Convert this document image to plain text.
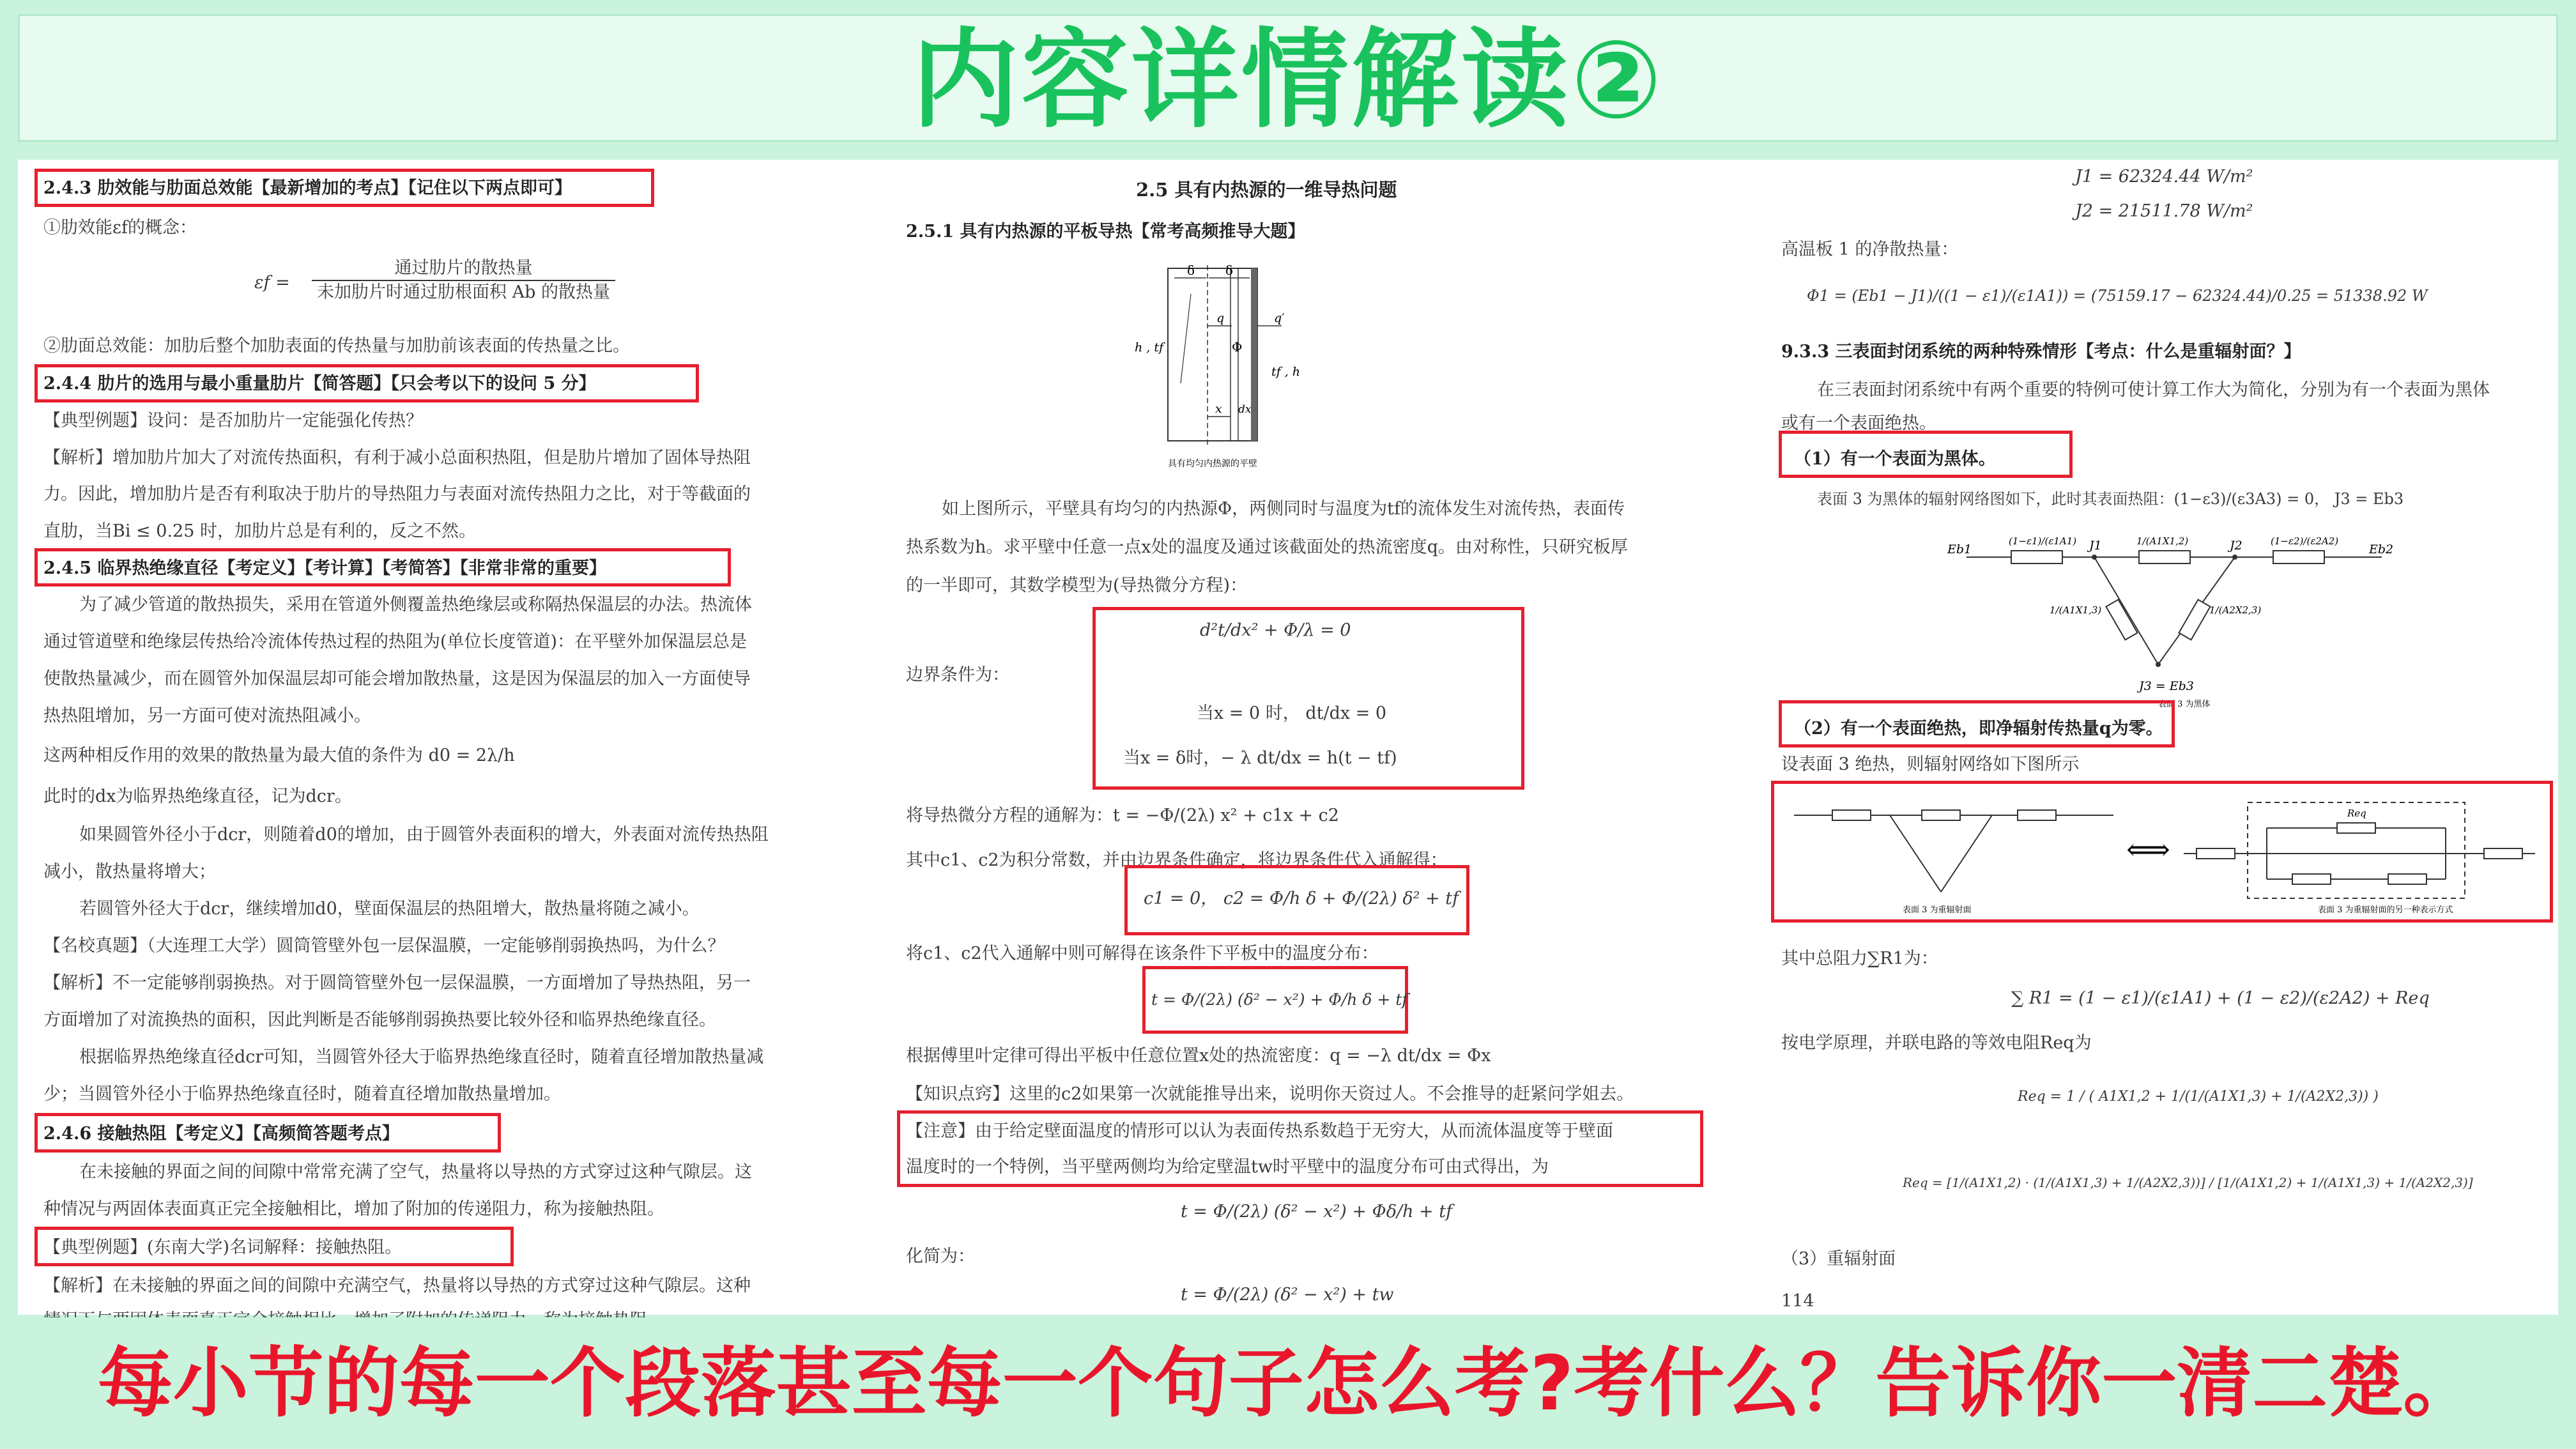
内容详情解读②
2.4.3 肋效能与肋面总效能【最新增加的考点】【记住以下两点即可】
①肋效能εf的概念：
εf =
通过肋片的散热量
未加肋片时通过肋根面积 Ab 的散热量
②肋面总效能：加肋后整个加肋表面的传热量与加肋前该表面的传热量之比。
2.4.4 肋片的选用与最小重量肋片【简答题】【只会考以下的设问 5 分】
【典型例题】设问：是否加肋片一定能强化传热？
【解析】增加肋片加大了对流传热面积，有利于减小总面积热阻，但是肋片增加了固体导热阻
力。因此，增加肋片是否有利取决于肋片的导热阻力与表面对流传热阻力之比，对于等截面的
直肋，当Bi ≤ 0.25 时，加肋片总是有利的，反之不然。
2.4.5 临界热绝缘直径【考定义】【考计算】【考简答】【非常非常的重要】
为了减少管道的散热损失，采用在管道外侧覆盖热绝缘层或称隔热保温层的办法。热流体
通过管道壁和绝缘层传热给冷流体传热过程的热阻为(单位长度管道)：在平壁外加保温层总是
使散热量减少，而在圆管外加保温层却可能会增加散热量，这是因为保温层的加入一方面使导
热热阻增加，另一方面可使对流热阻减小。
这两种相反作用的效果的散热量为最大值的条件为 d0 = 2λ/h
此时的dx为临界热绝缘直径，记为dcr。
如果圆管外径小于dcr，则随着d0的增加，由于圆管外表面积的增大，外表面对流传热热阻
减小，散热量将增大；
若圆管外径大于dcr，继续增加d0，壁面保温层的热阻增大，散热量将随之减小。
【名校真题】（大连理工大学）圆筒管壁外包一层保温膜，一定能够削弱换热吗，为什么？
【解析】不一定能够削弱换热。对于圆筒管壁外包一层保温膜，一方面增加了导热热阻，另一
方面增加了对流换热的面积，因此判断是否能够削弱换热要比较外径和临界热绝缘直径。
根据临界热绝缘直径dcr可知，当圆管外径大于临界热绝缘直径时，随着直径增加散热量减
少；当圆管外径小于临界热绝缘直径时，随着直径增加散热量增加。
2.4.6 接触热阻【考定义】【高频简答题考点】
在未接触的界面之间的间隙中常常充满了空气，热量将以导热的方式穿过这种气隙层。这
种情况与两固体表面真正完全接触相比，增加了附加的传递阻力，称为接触热阻。
【典型例题】(东南大学)名词解释：接触热阻。
【解析】在未接触的界面之间的间隙中充满空气，热量将以导热的方式穿过这种气隙层。这种
2.5 具有内热源的一维导热问题
2.5.1 具有内热源的平板导热【常考高频推导大题】
δ δ
h , tf
tf , h
q	q′
Φ
x dx
具有均匀内热源的平壁
如上图所示，平壁具有均匀的内热源Φ，两侧同时与温度为tf的流体发生对流传热，表面传
热系数为h。求平壁中任意一点x处的温度及通过该截面处的热流密度q。由对称性，只研究板厚
的一半即可，其数学模型为(导热微分方程)：
d²t/dx² + Φ/λ = 0
边界条件为：
当x = 0 时， dt/dx = 0
当x = δ时，− λ dt/dx = h(t − tf)
将导热微分方程的通解为：t = −Φ/(2λ) x² + c1x + c2
其中c1、c2为积分常数，并由边界条件确定，将边界条件代入通解得：
c1 = 0， c2 = Φ/h δ + Φ/(2λ) δ² + tf
将c1、c2代入通解中则可解得在该条件下平板中的温度分布：
t = Φ/(2λ) (δ² − x²) + Φ/h δ + tf
根据傅里叶定律可得出平板中任意位置x处的热流密度：q = −λ dt/dx = Φx
【知识点窍】这里的c2如果第一次就能推导出来，说明你天资过人。不会推导的赶紧问学姐去。
【注意】由于给定壁面温度的情形可以认为表面传热系数趋于无穷大，从而流体温度等于壁面
温度时的一个特例，当平壁两侧均为给定壁温tw时平壁中的温度分布可由式得出，为
t = Φ/(2λ) (δ² − x²) + Φδ/h + tf
化简为：
t = Φ/(2λ) (δ² − x²) + tw
J1 = 62324.44 W/m²
J2 = 21511.78 W/m²
高温板 1 的净散热量：
Φ1 = (Eb1 − J1)/((1 − ε1)/(ε1A1)) = (75159.17 − 62324.44)/0.25 = 51338.92 W
9.3.3 三表面封闭系统的两种特殊情形【考点：什么是重辐射面？】
在三表面封闭系统中有两个重要的特例可使计算工作大为简化，分别为有一个表面为黑体
或有一个表面绝热。
（1）有一个表面为黑体。
表面 3 为黑体的辐射网络图如下，此时其表面热阻：(1−ε3)/(ε3A3) = 0， J3 = Eb3
Eb1	Eb2
J1	J2
J3 = Eb3
(1−ε1)/(ε1A1)	1/(A1X1,2)	(1−ε2)/(ε2A2)
1/(A1X1,3)	1/(A2X2,3)
表面 3 为黑体
（2）有一个表面绝热，即净辐射传热量q为零。
设表面 3 绝热，则辐射网络如下图所示
表面 3 为重辐射面
⟺
Req
表面 3 为重辐射面的另一种表示方式
其中总阻力∑R1为：
∑ R1 = (1 − ε1)/(ε1A1) + (1 − ε2)/(ε2A2) + Req
按电学原理，并联电路的等效电阻Req为
Req = 1 / ( A1X1,2 + 1/(1/(A1X1,3) + 1/(A2X2,3)) )
Req = [1/(A1X1,2) · (1/(A1X1,3) + 1/(A2X2,3))] / [1/(A1X1,2) + 1/(A1X1,3) + 1/(A2X2,3)]
（3）重辐射面
114
每小节的每一个段落甚至每一个句子怎么考?考什么？告诉你一清二楚。
